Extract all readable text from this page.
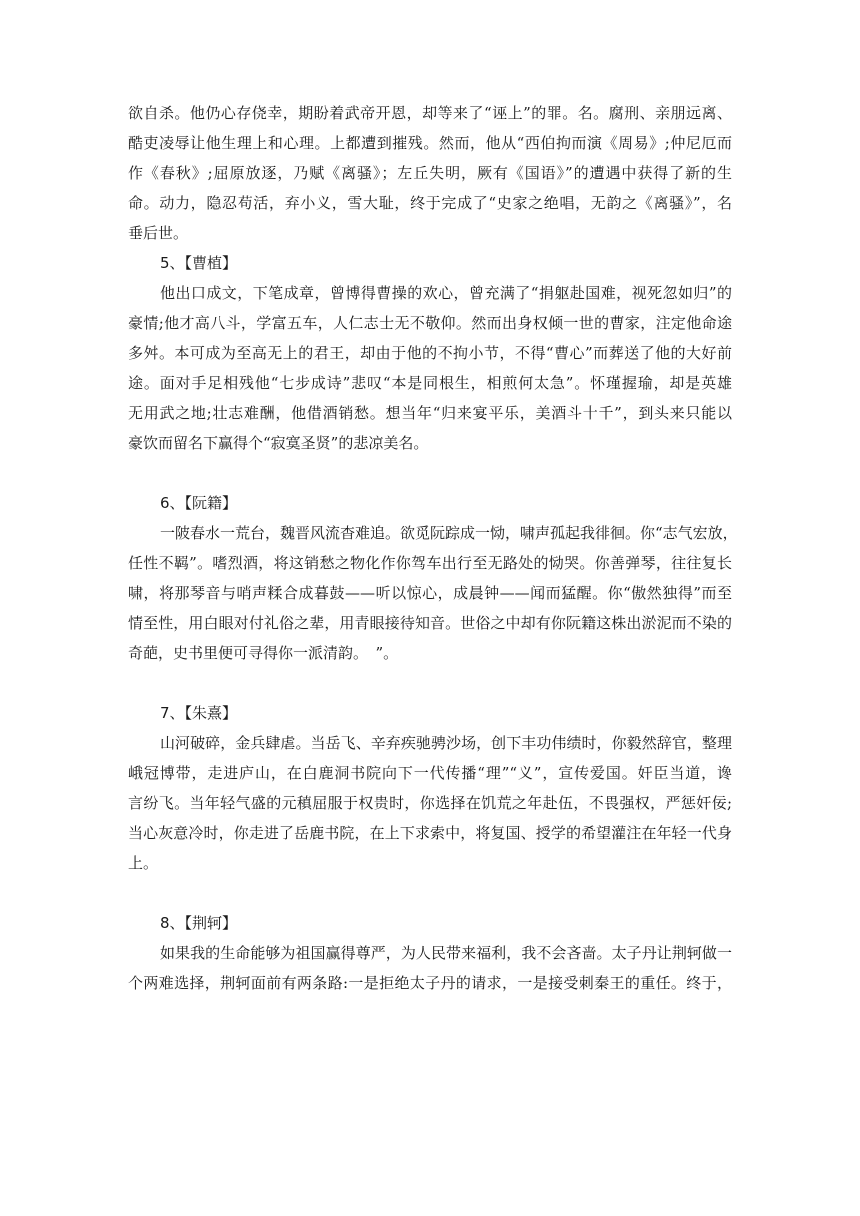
欲自杀。他仍心存侥幸，期盼着武帝开恩，却等来了“诬上”的罪。名。腐刑、亲朋远离、
酷吏凌辱让他生理上和心理。上都遭到摧残。然而，他从“西伯拘而演《周易》;仲尼厄而
作《春秋》;屈原放逐，乃赋《离骚》；左丘失明，厥有《国语》”的遭遇中获得了新的生
命。动力，隐忍苟活，弃小义，雪大耻，终于完成了“史家之绝唱，无韵之《离骚》”，名
垂后世。
5、【曹植】
他出口成文，下笔成章，曾博得曹操的欢心，曾充满了“捐躯赴国难，视死忽如归”的
豪情;他才高八斗，学富五车，人仁志士无不敬仰。然而出身权倾一世的曹家，注定他命途
多舛。本可成为至高无上的君王，却由于他的不拘小节，不得“曹心”而葬送了他的大好前
途。面对手足相残他“七步成诗”悲叹“本是同根生，相煎何太急”。怀瑾握瑜，却是英雄
无用武之地;壮志难酬，他借酒销愁。想当年“归来宴平乐，美酒斗十千”，到头来只能以
豪饮而留名下赢得个“寂寞圣贤”的悲凉美名。
6、【阮籍】
一陂春水一荒台，魏晋风流杳难追。欲觅阮踪成一恸，啸声孤起我徘徊。你“志气宏放，
任性不羁”。嗜烈酒，将这销愁之物化作你驾车出行至无路处的恸哭。你善弹琴，往往复长
啸，将那琴音与哨声糅合成暮鼓——听以惊心，成晨钟——闻而猛醒。你“傲然独得”而至
情至性，用白眼对付礼俗之辈，用青眼接待知音。世俗之中却有你阮籍这株出淤泥而不染的
奇葩，史书里便可寻得你一派清韵。　”。
7、【朱熹】
山河破碎，金兵肆虐。当岳飞、辛弃疾驰骋沙场，创下丰功伟绩时，你毅然辞官，整理
峨冠博带，走进庐山，在白鹿洞书院向下一代传播“理”“义”，宣传爱国。奸臣当道，谗
言纷飞。当年轻气盛的元稹屈服于权贵时，你选择在饥荒之年赴伍，不畏强权，严惩奸佞;
当心灰意冷时，你走进了岳鹿书院，在上下求索中，将复国、授学的希望灌注在年轻一代身
上。
8、【荆轲】
如果我的生命能够为祖国赢得尊严，为人民带来福利，我不会吝啬。太子丹让荆轲做一
个两难选择，荆轲面前有两条路:一是拒绝太子丹的请求，一是接受刺秦王的重任。终于，
